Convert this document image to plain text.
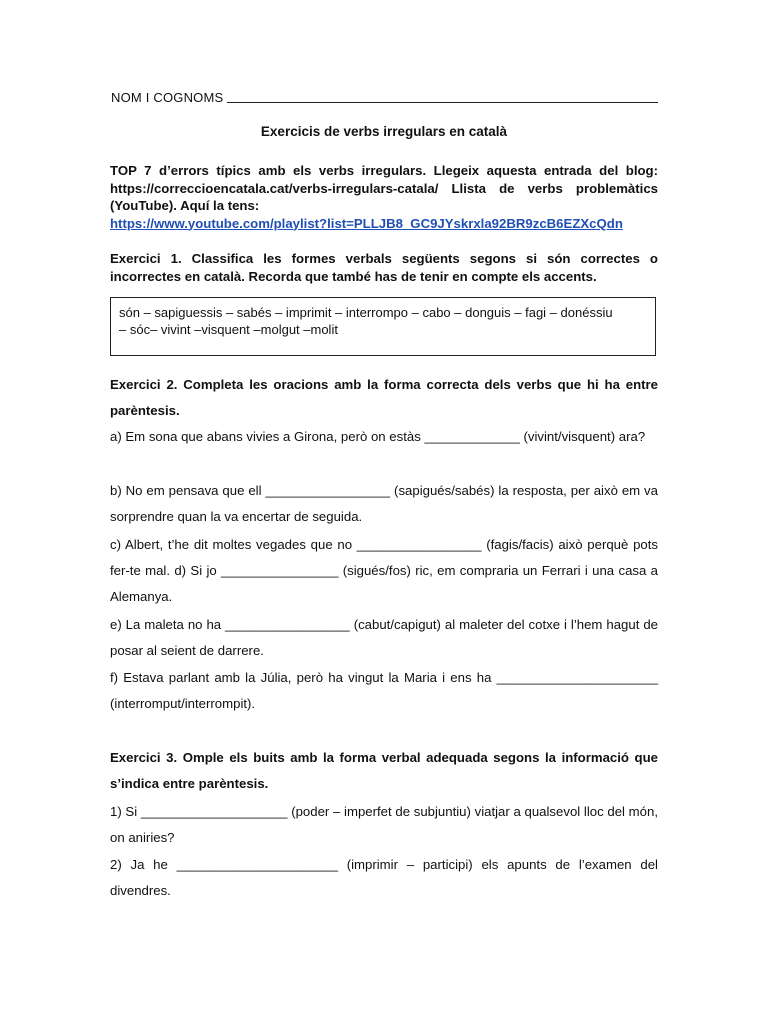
NOM I COGNOMS
Exercicis de verbs irregulars en català
TOP 7 d’errors típics amb els verbs irregulars. Llegeix aquesta entrada del blog: https://correccioencatala.cat/verbs-irregulars-catala/ Llista de verbs problemàtics (YouTube). Aquí la tens:
https://www.youtube.com/playlist?list=PLLJB8_GC9JYskrxla92BR9zcB6EZXcQdn
Exercici 1. Classifica les formes verbals següents segons si són correctes o incorrectes en català. Recorda que també has de tenir en compte els accents.
són – sapiguessis – sabés – imprimit – interrompo – cabo – donguis – fagi – donéssiu
– sóc– vivint –visquent –molgut –molit
Exercici 2. Completa les oracions amb la forma correcta dels verbs que hi ha entre parèntesis.
a) Em sona que abans vivies a Girona, però on estàs _____________ (vivint/visquent) ara?
b) No em pensava que ell _________________ (sapigués/sabés) la resposta, per això em va sorprendre quan la va encertar de seguida.
c) Albert, t’he dit moltes vegades que no _________________ (fagis/facis) això perquè pots fer-te mal. d) Si jo ________________ (sigués/fos) ric, em compraria un Ferrari i una casa a Alemanya.
e) La maleta no ha _________________ (cabut/capigut) al maleter del cotxe i l’hem hagut de posar al seient de darrere.
f) Estava parlant amb la Júlia, però ha vingut la Maria i ens ha ______________________ (interromput/interrompit).
Exercici 3. Omple els buits amb la forma verbal adequada segons la informació que s’indica entre parèntesis.
1) Si ____________________ (poder – imperfet de subjuntiu) viatjar a qualsevol lloc del món, on aniries?
2) Ja he ______________________ (imprimir – participi) els apunts de l’examen del divendres.
